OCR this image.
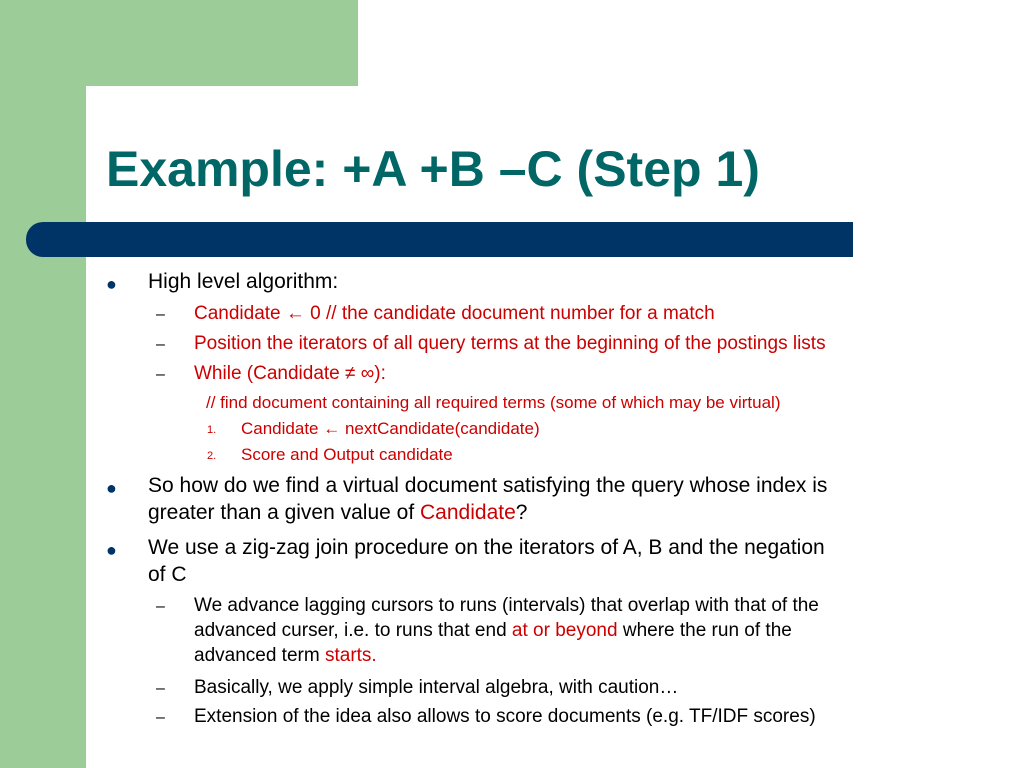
Example: +A +B –C (Step 1)
● High level algorithm:
– Candidate ← 0 // the candidate document number for a match
– Position the iterators of all query terms at the beginning of the postings lists
– While (Candidate ≠ ∞):
// find document containing all required terms (some of which may be virtual)
1. Candidate ← nextCandidate(candidate)
2. Score and Output candidate
● So how do we find a virtual document satisfying the query whose index is
greater than a given value of Candidate?
● We use a zig-zag join procedure on the iterators of A, B and the negation
of C
– We advance lagging cursors to runs (intervals) that overlap with that of the
advanced curser, i.e. to runs that end at or beyond where the run of the
advanced term starts.
– Basically, we apply simple interval algebra, with caution…
– Extension of the idea also allows to score documents (e.g. TF/IDF scores)
